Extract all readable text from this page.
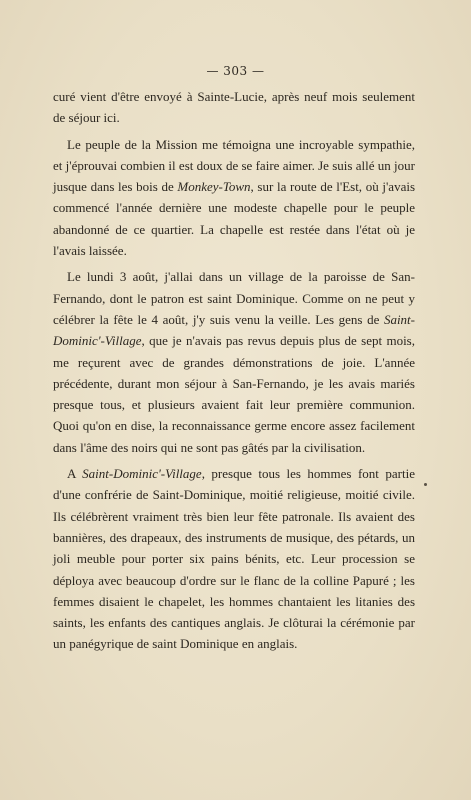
— 303 —

curé vient d'être envoyé à Sainte-Lucie, après neuf mois seulement de séjour ici.

Le peuple de la Mission me témoigna une incroyable sympathie, et j'éprouvai combien il est doux de se faire aimer. Je suis allé un jour jusque dans les bois de Monkey-Town, sur la route de l'Est, où j'avais commencé l'année dernière une modeste chapelle pour le peuple abandonné de ce quartier. La chapelle est restée dans l'état où je l'avais laissée.

Le lundi 3 août, j'allai dans un village de la paroisse de San-Fernando, dont le patron est saint Dominique. Comme on ne peut y célébrer la fête le 4 août, j'y suis venu la veille. Les gens de Saint-Dominic'-Village, que je n'avais pas revus depuis plus de sept mois, me reçurent avec de grandes démonstrations de joie. L'année précédente, durant mon séjour à San-Fernando, je les avais mariés presque tous, et plusieurs avaient fait leur première communion. Quoi qu'on en dise, la reconnaissance germe encore assez facilement dans l'âme des noirs qui ne sont pas gâtés par la civilisation.

A Saint-Dominic'-Village, presque tous les hommes font partie d'une confrérie de Saint-Dominique, moitié religieuse, moitié civile. Ils célébrèrent vraiment très bien leur fête patronale. Ils avaient des bannières, des drapeaux, des instruments de musique, des pétards, un joli meuble pour porter six pains bénits, etc. Leur procession se déploya avec beaucoup d'ordre sur le flanc de la colline Papuré ; les femmes disaient le chapelet, les hommes chantaient les litanies des saints, les enfants des cantiques anglais. Je clôturai la cérémonie par un panégyrique de saint Dominique en anglais.
